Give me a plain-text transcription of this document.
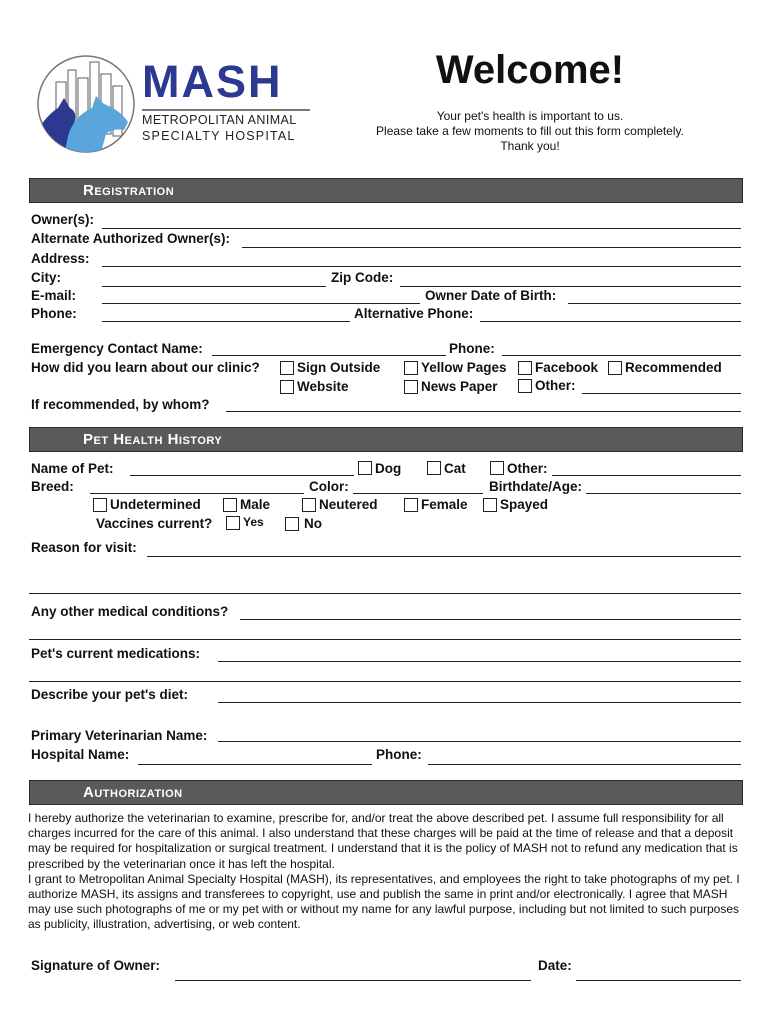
MASH
METROPOLITAN ANIMAL
SPECIALTY HOSPITAL
Welcome!
Your pet's health is important to us.
Please take a few moments to fill out this form completely.
Thank you!
Registration
Owner(s):
Alternate Authorized Owner(s):
Address:
City:	Zip Code:
E-mail:	Owner Date of Birth:
Phone:	Alternative Phone:
Emergency Contact Name:	Phone:
How did you learn about our clinic?	Sign Outside	Yellow Pages Facebook Recommended
Website	News Paper	Other:
If recommended, by whom?
Pet Health History
Name of Pet:	Dog	Cat	Other:
Breed:	Color:	Birthdate/Age:
Undetermined	Male	Neutered	Female Spayed
Vaccines current?	Yes	No
Reason for visit:
Any other medical conditions?
Pet's current medications:
Describe your pet's diet:
Primary Veterinarian Name:
Hospital Name:	Phone:
Authorization

I hereby authorize the veterinarian to examine, prescribe for, and/or treat the above described pet. I assume full responsibility for all charges incurred for the care of this animal. I also understand that these charges will be paid at the time of release and that a deposit may be required for hospitalization or surgical treatment. I understand that it is the policy of MASH not to refund any medication that is prescribed by the veterinarian once it has left the hospital.

I grant to Metropolitan Animal Specialty Hospital (MASH), its representatives, and employees the right to take photographs of my pet. I authorize MASH, its assigns and transferees to copyright, use and publish the same in print and/or electronically. I agree that MASH may use such photographs of me or my pet with or without my name for any lawful purpose, including but not limited to such purposes as publicity, illustration, advertising, or web content.

Signature of Owner:	Date:
